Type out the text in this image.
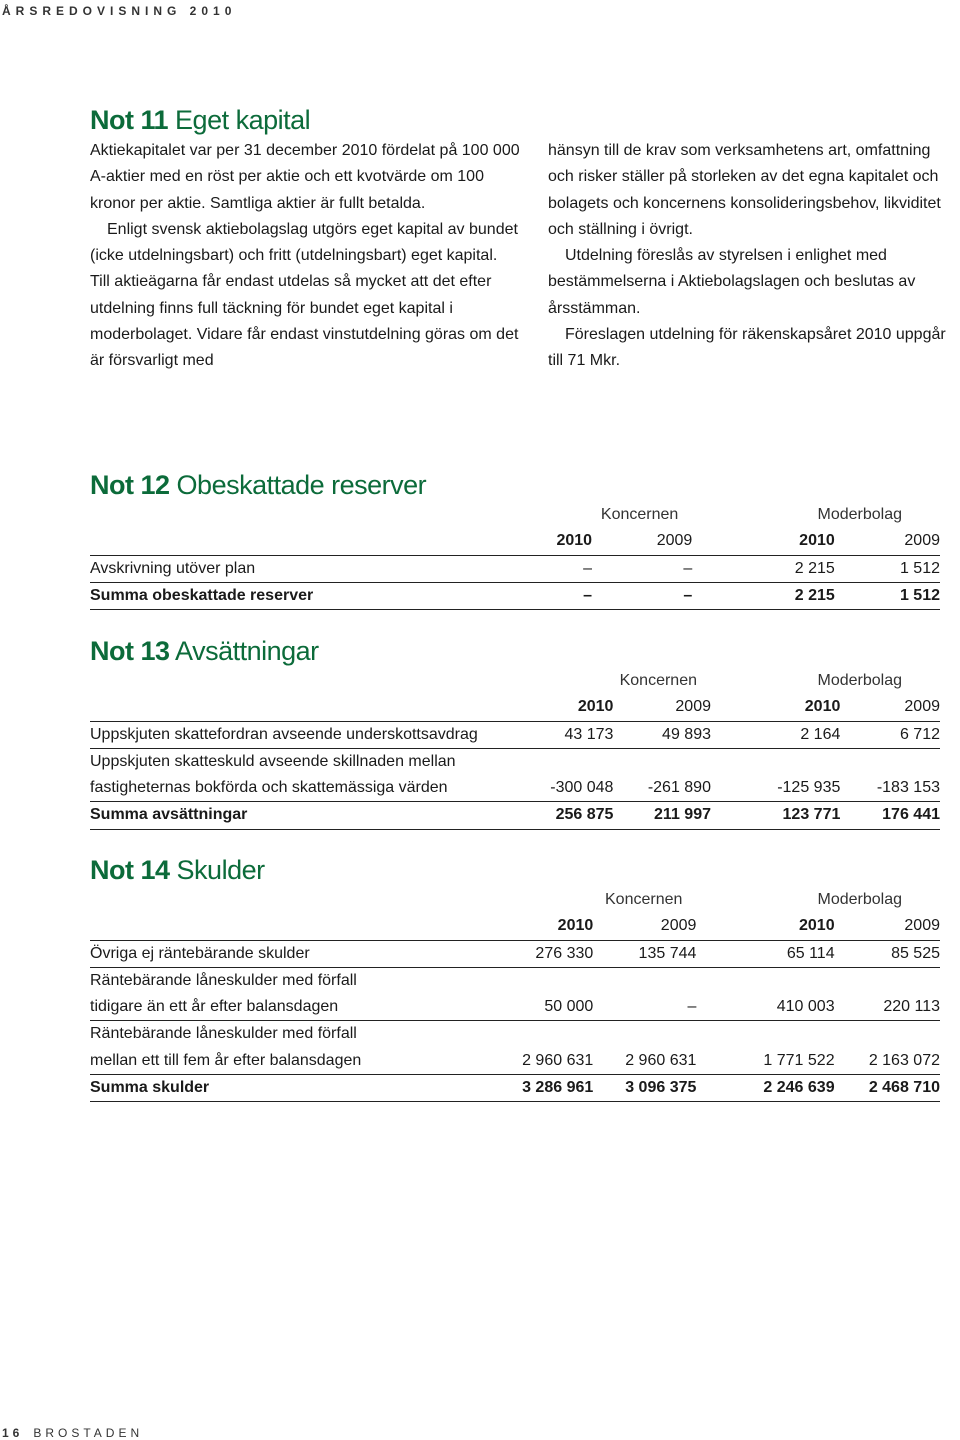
ÅRSREDOVISNING 2010
Not 11 Eget kapital

Aktiekapitalet var per 31 december 2010 fördelat på 100 000 A-aktier med en röst per aktie och ett kvotvärde om 100 kronor per aktie. Samtliga aktier är fullt betalda.

Enligt svensk aktiebolagslag utgörs eget kapital av bundet (icke utdelningsbart) och fritt (utdelningsbart) eget kapital. Till aktieägarna får endast utdelas så mycket att det efter utdelning finns full täckning för bundet eget kapital i moderbolaget. Vidare får endast vinstutdelning göras om det är försvarligt med

hänsyn till de krav som verksamhetens art, omfattning och risker ställer på storleken av det egna kapitalet och bolagets och koncernens konsolideringsbehov, likviditet och ställning i övrigt.

Utdelning föreslås av styrelsen i enlighet med bestämmelserna i Aktiebolagslagen och beslutas av årsstämman.

Föreslagen utdelning för räkenskapsåret 2010 uppgår till 71 Mkr.

Not 12 Obeskattade reserver
	Koncernen		Moderbolag	
	2010	2009	2010	2009
Avskrivning utöver plan	–	–	2 215	1 512
Summa obeskattade reserver	–	–	2 215	1 512
Not 13 Avsättningar
	Koncernen		Moderbolag	
	2010	2009	2010	2009
Uppskjuten skattefordran avseende underskottsavdrag	43 173	49 893	2 164	6 712
Uppskjuten skatteskuld avseende skillnaden mellan				
fastigheternas bokförda och skattemässiga värden	-300 048	-261 890	-125 935	-183 153
Summa avsättningar	256 875	211 997	123 771	176 441
Not 14 Skulder
	Koncernen		Moderbolag	
	2010	2009	2010	2009
Övriga ej räntebärande skulder	276 330	135 744	65 114	85 525
Räntebärande låneskulder med förfall				
tidigare än ett år efter balansdagen	50 000	–	410 003	220 113
Räntebärande låneskulder med förfall				
mellan ett till fem år efter balansdagen	2 960 631	2 960 631	1 771 522	2 163 072
Summa skulder	3 286 961	3 096 375	2 246 639	2 468 710
16 BROSTADEN
